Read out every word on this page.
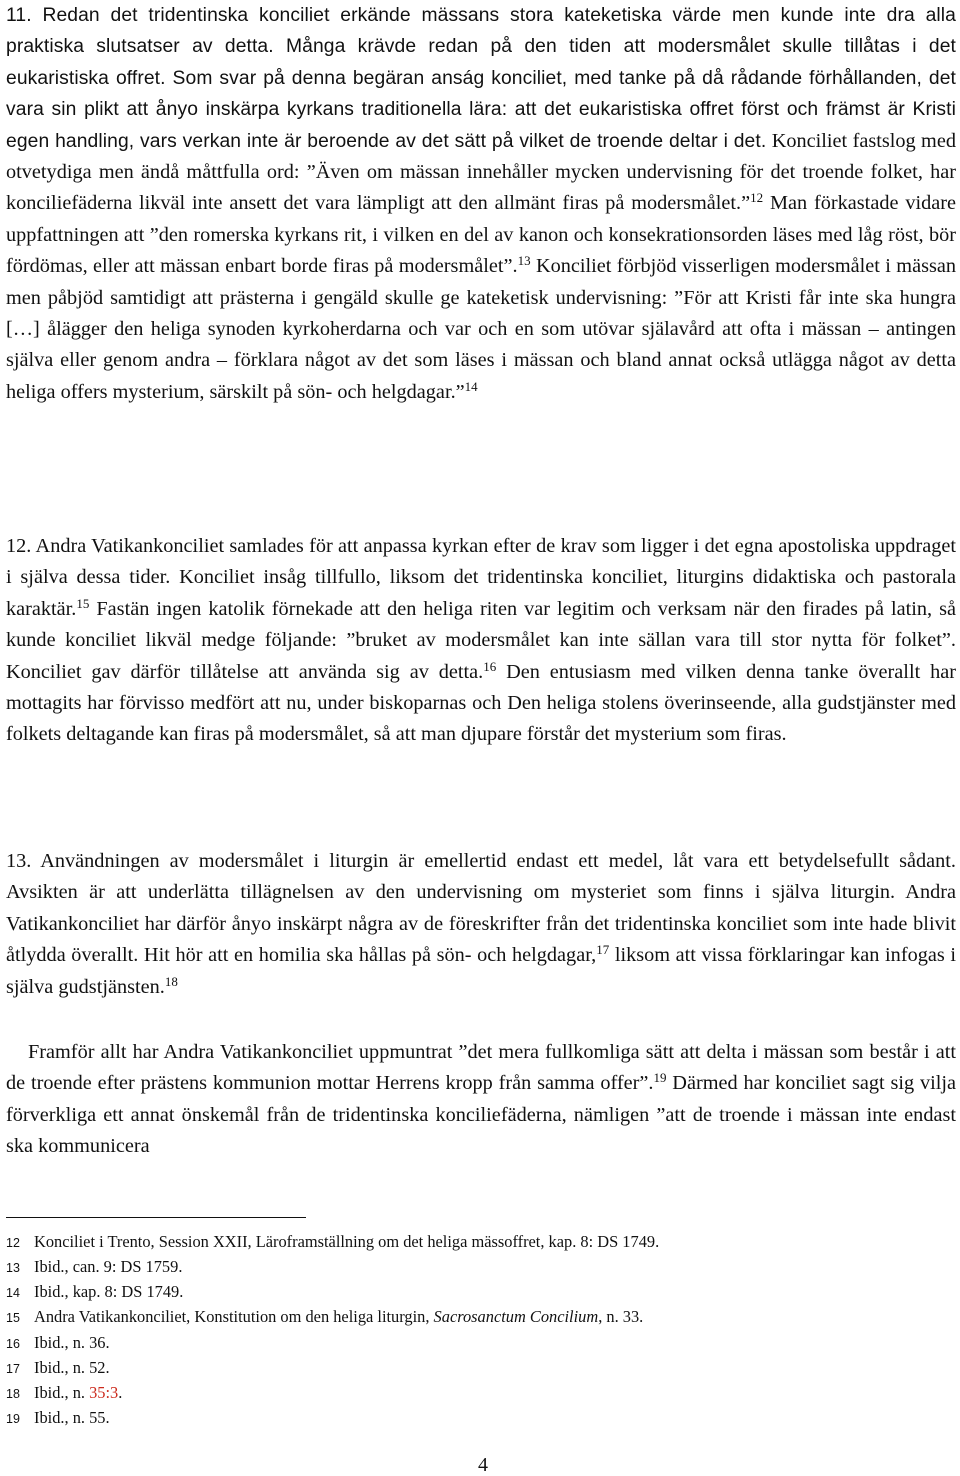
11. Redan det tridentinska konciliet erkände mässans stora kateketiska värde men kunde inte dra alla praktiska slutsatser av detta. Många krävde redan på den tiden att modersmålet skulle tillåtas i det eukaristiska offret. Som svar på denna begäran anság konciliet, med tanke på då rådande förhållanden, det vara sin plikt att ånyo inskärpa kyrkans traditionella lära: att det eukaristiska offret först och främst är Kristi egen handling, vars verkan inte är beroende av det sätt på vilket de troende deltar i det. Konciliet fastslog med otvetydiga men ändå måttfulla ord: ”Även om mässan innehåller mycken undervisning för det troende folket, har konciliefäderna likväl inte ansett det vara lämpligt att den allmänt firas på modersmålet.”$^{12}$ Man förkastade vidare uppfattningen att ”den romerska kyrkans rit, i vilken en del av kanon och konsekrationsorden läses med låg röst, bör fördömas, eller att mässan enbart borde firas på modersmålet”.$^{13}$ Konciliet förbjöd visserligen modersmålet i mässan men påbjöd samtidigt att prästerna i gengäld skulle ge kateketisk undervisning: ”För att Kristi får inte ska hungra […] ålägger den heliga synoden kyrkoherdarna och var och en som utövar själavård att ofta i mässan – antingen själva eller genom andra – förklara något av det som läses i mässan och bland annat också utlägga något av detta heliga offers mysterium, särskilt på sön- och helgdagar.”$^{14}$

12. Andra Vatikankonciliet samlades för att anpassa kyrkan efter de krav som ligger i det egna apostoliska uppdraget i själva dessa tider. Konciliet insåg tillfullo, liksom det tridentinska konciliet, liturgins didaktiska och pastorala karaktär.$^{15}$ Fastän ingen katolik förnekade att den heliga riten var legitim och verksam när den firades på latin, så kunde konciliet likväl medge följande: ”bruket av modersmålet kan inte sällan vara till stor nytta för folket”. Konciliet gav därför tillåtelse att använda sig av detta.$^{16}$ Den entusiasm med vilken denna tanke överallt har mottagits har förvisso medfört att nu, under biskoparnas och Den heliga stolens överinseende, alla gudstjänster med folkets deltagande kan firas på modersmålet, så att man djupare förstår det mysterium som firas.

13. Användningen av modersmålet i liturgin är emellertid endast ett medel, låt vara ett betydelsefullt sådant. Avsikten är att underlätta tillägnelsen av den undervisning om mysteriet som finns i själva liturgin. Andra Vatikankonciliet har därför ånyo inskärpt några av de föreskrifter från det tridentinska konciliet som inte hade blivit åtlydda överallt. Hit hör att en homilia ska hållas på sön- och helgdagar,$^{17}$ liksom att vissa förklaringar kan infogas i själva gudstjänsten.$^{18}$

Framför allt har Andra Vatikankonciliet uppmuntrat ”det mera fullkomliga sätt att delta i mässan som består i att de troende efter prästens kommunion mottar Herrens kropp från samma offer”.$^{19}$ Därmed har konciliet sagt sig vilja förverkliga ett annat önskemål från de tridentinska konciliefäderna, nämligen ”att de troende i mässan inte endast ska kommunicera

12 Konciliet i Trento, Session XXII, Läroframställning om det heliga mässoffret, kap. 8: DS 1749.

13 Ibid., can. 9: DS 1759.

14 Ibid., kap. 8: DS 1749.

15 Andra Vatikankonciliet, Konstitution om den heliga liturgin, Sacrosanctum Concilium, n. 33.

16 Ibid., n. 36.

17 Ibid., n. 52.

18 Ibid., n. 35:3.

19 Ibid., n. 55.

4
